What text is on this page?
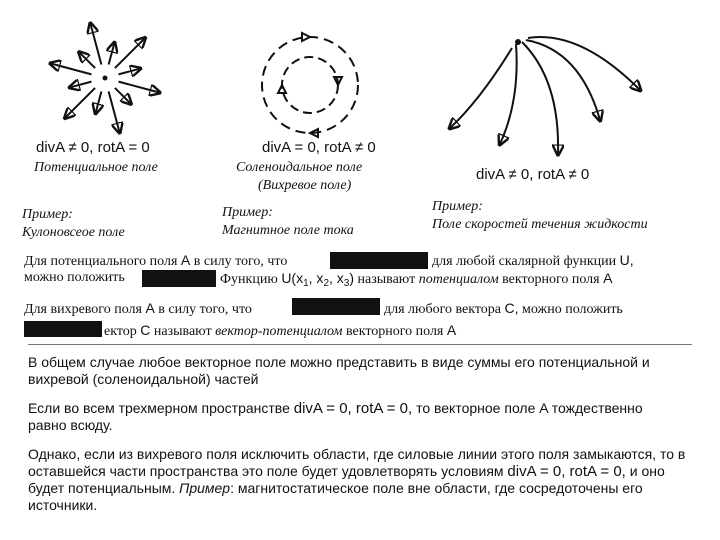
divA ≠ 0, rotA = 0
Потенциальное поле
Пример:
Кулоновсеое поле
divA = 0, rotA ≠ 0
Соленоидальное поле
(Вихревое поле)
Пример:
Магнитное поле тока
divA ≠ 0, rotA ≠ 0
Пример:
Поле скоростей течения жидкости
Для потенциального поля A в силу того, что	для любой скалярной функции U,
можно положить	Функцию $U(x_1$, $x_2$, $x_3$) называют потенциалом векторного поля A
Для вихревого поля A в силу того, что	для любого вектора C, можно положить
ектор C называют вектор-потенциалом векторного поля A
В общем случае любое векторное поле можно представить в виде суммы его потенциальной и вихревой (соленоидальной) частей
Если во всем трехмерном пространстве divA = 0, rotA = 0, то векторное поле A тождественно
равно всюду.
Однако, если из вихревого поля исключить области, где силовые линии этого поля замыкаются, то в оставшейся части пространства это поле будет удовлетворять условиям divA = 0, rotA = 0, и оно будет потенциальным. Пример: магнитостатическое поле вне области, где сосредоточены его источники.
